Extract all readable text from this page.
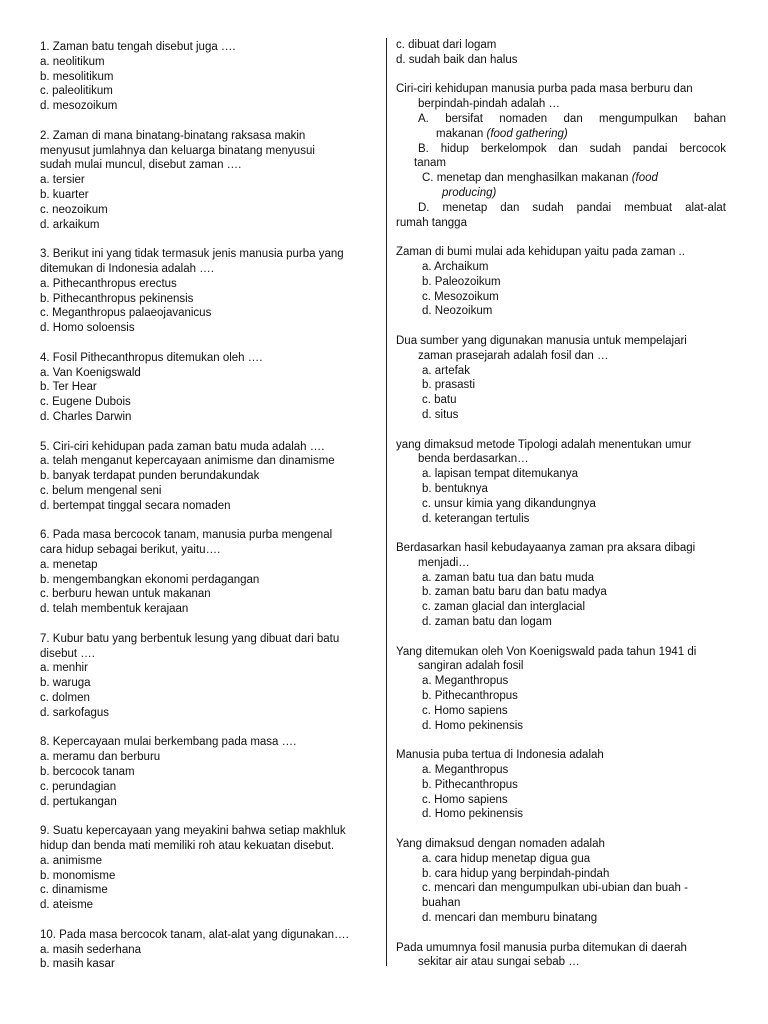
1. Zaman batu tengah disebut juga ….

a. neolitikum

b. mesolitikum

c. paleolitikum

d. mesozoikum

2. Zaman di mana binatang-binatang raksasa makin

menyusut jumlahnya dan keluarga binatang menyusui

sudah mulai muncul, disebut zaman ….

a. tersier

b. kuarter

c. neozoikum

d. arkaikum

3. Berikut ini yang tidak termasuk jenis manusia purba yang

ditemukan di Indonesia adalah ….

a. Pithecanthropus erectus

b. Pithecanthropus pekinensis

c. Meganthropus palaeojavanicus

d. Homo soloensis

4. Fosil Pithecanthropus ditemukan oleh ….

a. Van Koenigswald

b. Ter Hear

c. Eugene Dubois

d. Charles Darwin

5. Ciri-ciri kehidupan pada zaman batu muda adalah ….

a. telah menganut kepercayaan animisme dan dinamisme

b. banyak terdapat punden berundakundak

c. belum mengenal seni

d. bertempat tinggal secara nomaden

6. Pada masa bercocok tanam, manusia purba mengenal

cara hidup sebagai berikut, yaitu….

a. menetap

b. mengembangkan ekonomi perdagangan

c. berburu hewan untuk makanan

d. telah membentuk kerajaan

7. Kubur batu yang berbentuk lesung yang dibuat dari batu

disebut ….

a. menhir

b. waruga

c. dolmen

d. sarkofagus

8. Kepercayaan mulai berkembang pada masa ….

a. meramu dan berburu

b. bercocok tanam

c. perundagian

d. pertukangan

9. Suatu kepercayaan yang meyakini bahwa setiap makhluk

hidup dan benda mati memiliki roh atau kekuatan disebut.

a. animisme

b. monomisme

c. dinamisme

d. ateisme

10. Pada masa bercocok tanam, alat-alat yang digunakan….

a. masih sederhana

b. masih kasar

c. dibuat dari logam

d. sudah baik dan halus

Ciri-ciri kehidupan manusia purba pada masa berburu dan
berpindah-pindah adalah …
A. bersifat nomaden dan mengumpulkan bahan
makanan (food gathering)
B. hidup berkelompok dan sudah pandai bercocok
tanam
C. menetap dan menghasilkan makanan (food
producing)
D. menetap dan sudah pandai membuat alat-alat
rumah tangga
Zaman di bumi mulai ada kehidupan yaitu pada zaman ..

a. Archaikum

b. Paleozoikum

c. Mesozoikum

d. Neozoikum

Dua sumber yang digunakan manusia untuk mempelajari
zaman prasejarah adalah fosil dan …

a. artefak

b. prasasti

c. batu

d. situs

yang dimaksud metode Tipologi adalah menentukan umur
benda berdasarkan…

a. lapisan tempat ditemukanya

b. bentuknya

c. unsur kimia yang dikandungnya

d. keterangan tertulis

Berdasarkan hasil kebudayaanya zaman pra aksara dibagi
menjadi…

a. zaman batu tua dan batu muda

b. zaman batu baru dan batu madya

c. zaman glacial dan interglacial

d. zaman batu dan logam

Yang ditemukan oleh Von Koenigswald pada tahun 1941 di
sangiran adalah fosil

a. Meganthropus

b. Pithecanthropus

c. Homo sapiens

d. Homo pekinensis

Manusia puba tertua di Indonesia adalah

a. Meganthropus

b. Pithecanthropus

c. Homo sapiens

d. Homo pekinensis

Yang dimaksud dengan nomaden adalah

a. cara hidup menetap digua gua

b. cara hidup yang berpindah-pindah

c. mencari dan mengumpulkan ubi-ubian dan buah -

buahan

d. mencari dan memburu binatang

Pada umumnya fosil manusia purba ditemukan di daerah
sekitar air atau sungai sebab …
